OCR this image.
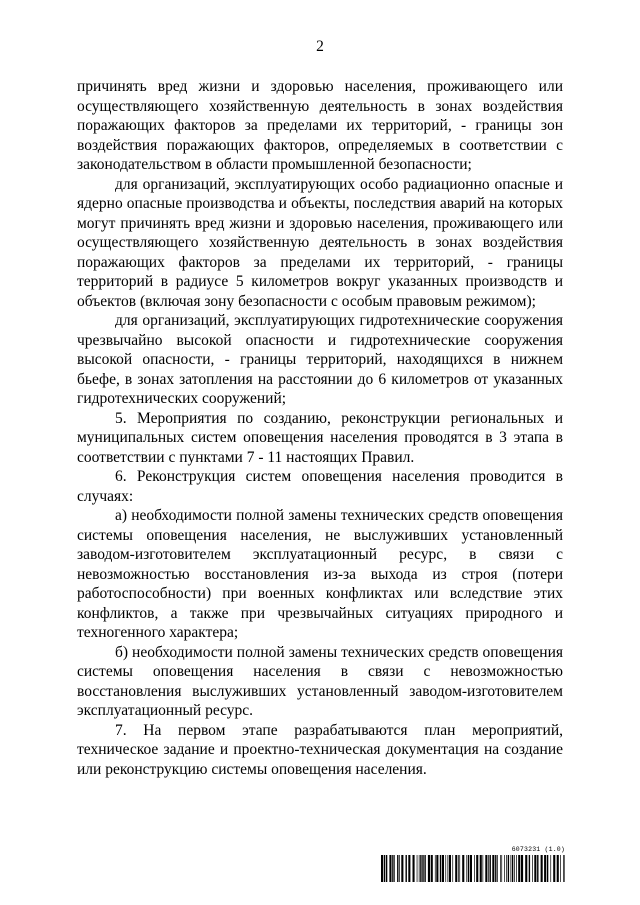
2

причинять вред жизни и здоровью населения, проживающего или осуществляющего хозяйственную деятельность в зонах воздействия поражающих факторов за пределами их территорий, - границы зон воздействия поражающих факторов, определяемых в соответствии с законодательством в области промышленной безопасности;

для организаций, эксплуатирующих особо радиационно опасные и ядерно опасные производства и объекты, последствия аварий на которых могут причинять вред жизни и здоровью населения, проживающего или осуществляющего хозяйственную деятельность в зонах воздействия поражающих факторов за пределами их территорий, - границы территорий в радиусе 5 километров вокруг указанных производств и объектов (включая зону безопасности с особым правовым режимом);

для организаций, эксплуатирующих гидротехнические сооружения чрезвычайно высокой опасности и гидротехнические сооружения высокой опасности, - границы территорий, находящихся в нижнем бьефе, в зонах затопления на расстоянии до 6 километров от указанных гидротехнических сооружений;

5. Мероприятия по созданию, реконструкции региональных и муниципальных систем оповещения населения проводятся в 3 этапа в соответствии с пунктами 7 - 11 настоящих Правил.

6. Реконструкция систем оповещения населения проводится в случаях:

а) необходимости полной замены технических средств оповещения системы оповещения населения, не выслуживших установленный заводом-изготовителем эксплуатационный ресурс, в связи с невозможностью восстановления из-за выхода из строя (потери работоспособности) при военных конфликтах или вследствие этих конфликтов, а также при чрезвычайных ситуациях природного и техногенного характера;

б) необходимости полной замены технических средств оповещения системы оповещения населения в связи с невозможностью восстановления выслуживших установленный заводом-изготовителем эксплуатационный ресурс.

7. На первом этапе разрабатываются план мероприятий, техническое задание и проектно-техническая документация на создание или реконструкцию системы оповещения населения.

6073231 (1.0)
